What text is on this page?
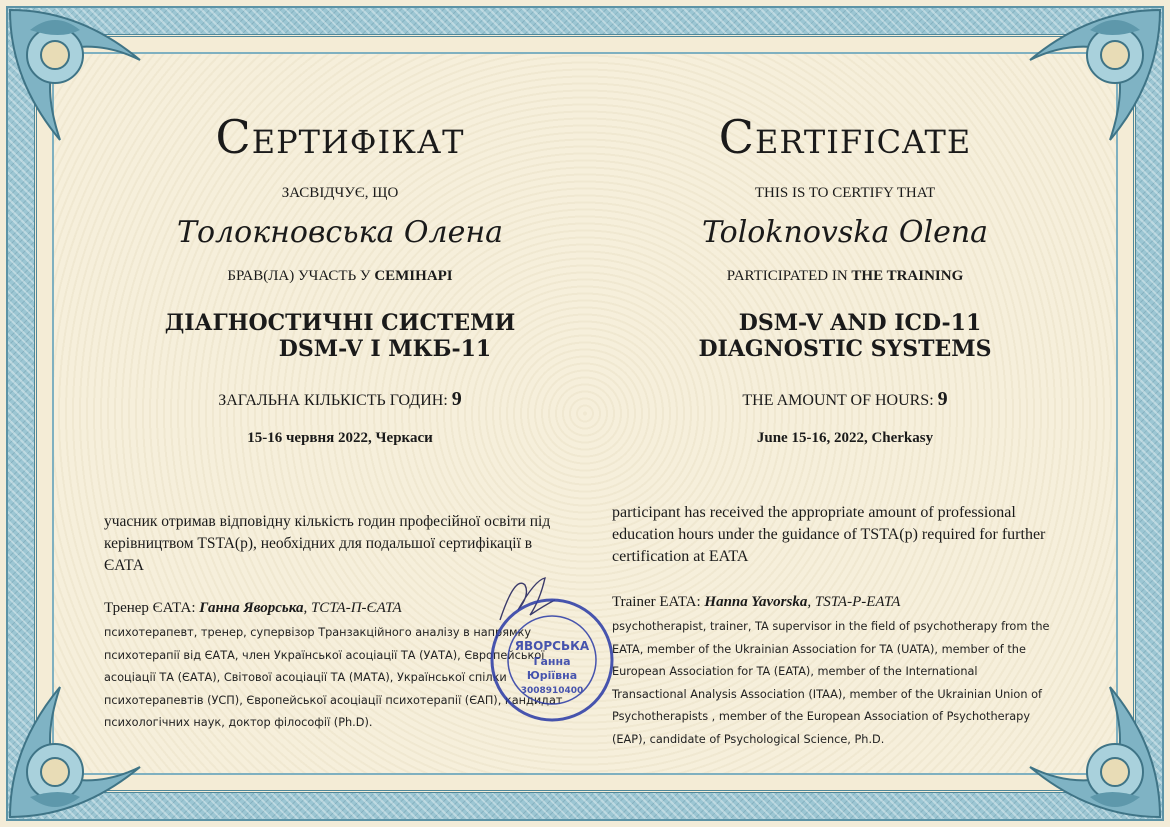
Сертифікат
ЗАСВІДЧУЄ, ЩО
Толокновська Олена
БРАВ(ЛА) УЧАСТЬ У СЕМІНАРІ
ДІАГНОСТИЧНІ СИСТЕМИ
DSM-V І МКБ-11
ЗАГАЛЬНА КІЛЬКІСТЬ ГОДИН: 9
15-16 червня 2022, Черкаси
учасник отримав відповідну кількість годин професійної освіти під керівництвом TSTA(p), необхідних для подальшої сертифікації в ЄАТА
Тренер ЄАТА: Ганна Яворська, TCTA-П-ЄАТА
психотерапевт, тренер, супервізор Транзакційного аналізу в напрямку психотерапії від ЄАТА, член Української асоціації ТА (УАТА), Європейської асоціації ТА (ЄАТА), Світової асоціації ТА (МАТА), Української спілки психотерапевтів (УСП), Європейської асоціації психотерапії (ЄАП), кандидат психологічних наук, доктор філософії (Ph.D).
Certificate
THIS IS TO CERTIFY THAT
Toloknovska Olena
PARTICIPATED IN THE TRAINING
DSM-V AND ICD-11
DIAGNOSTIC SYSTEMS
THE AMOUNT OF HOURS: 9
June 15-16, 2022, Cherkasy
participant has received the appropriate amount of professional education hours under the guidance of TSTA(p) required for further certification at EATA
Trainer EATA: Hanna Yavorska, TSTA-P-EATA
psychotherapist, trainer, TA supervisor in the field of psychotherapy from the EATA, member of the Ukrainian Association for TA (UATA), member of the European Association for TA (EATA), member of the International Transactional Analysis Association (ITAA), member of the Ukrainian Union of Psychotherapists , member of the European Association of Psychotherapy (EAP), candidate of Psychological Science, Ph.D.
ЯВОРСЬКА
Ганна
Юріївна
3008910400
